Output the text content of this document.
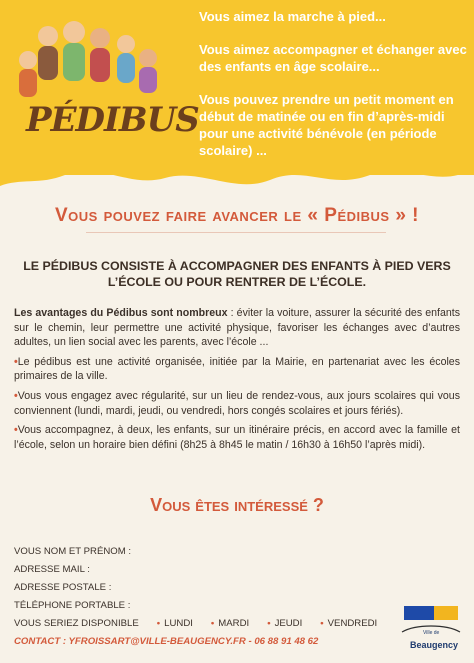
PÉDIBUS

Vous aimez la marche à pied...

Vous aimez accompagner et échanger avec des enfants en âge scolaire...

Vous pouvez prendre un petit moment en début de matinée ou en fin d’après-midi pour une activité bénévole (en période scolaire) ...

Vous pouvez faire avancer le « Pédibus » !
LE PÉDIBUS CONSISTE À ACCOMPAGNER DES ENFANTS À PIED VERS L’ÉCOLE OU POUR RENTRER DE L’ÉCOLE.

Les avantages du Pédibus sont nombreux : éviter la voiture, assurer la sécurité des enfants sur le chemin, leur permettre une activité physique, favoriser les échanges avec d’autres adultes, un lien social avec les parents, avec l’école ...

•Le pédibus est une activité organisée, initiée par la Mairie, en partenariat avec les écoles primaires de la ville.

•Vous vous engagez avec régularité, sur un lieu de rendez-vous, aux jours scolaires qui vous conviennent (lundi, mardi, jeudi, ou vendredi, hors congés scolaires et jours fériés).

•Vous accompagnez, à deux, les enfants, sur un itinéraire précis, en accord avec la famille et l’école, selon un horaire bien défini (8h25 à 8h45 le matin / 16h30 à 16h50 l’après midi).

Vous êtes intéressé ?
VOUS NOM ET PRÉNOM :
ADRESSE MAIL :
ADRESSE POSTALE :
TÉLÉPHONE PORTABLE :
VOUS SERIEZ DISPONIBLE • LUNDI • MARDI • JEUDI • VENDREDI
CONTACT : YFROISSART@VILLE-BEAUGENCY.FR - 06 88 91 48 62
Ville de
Beaugency
